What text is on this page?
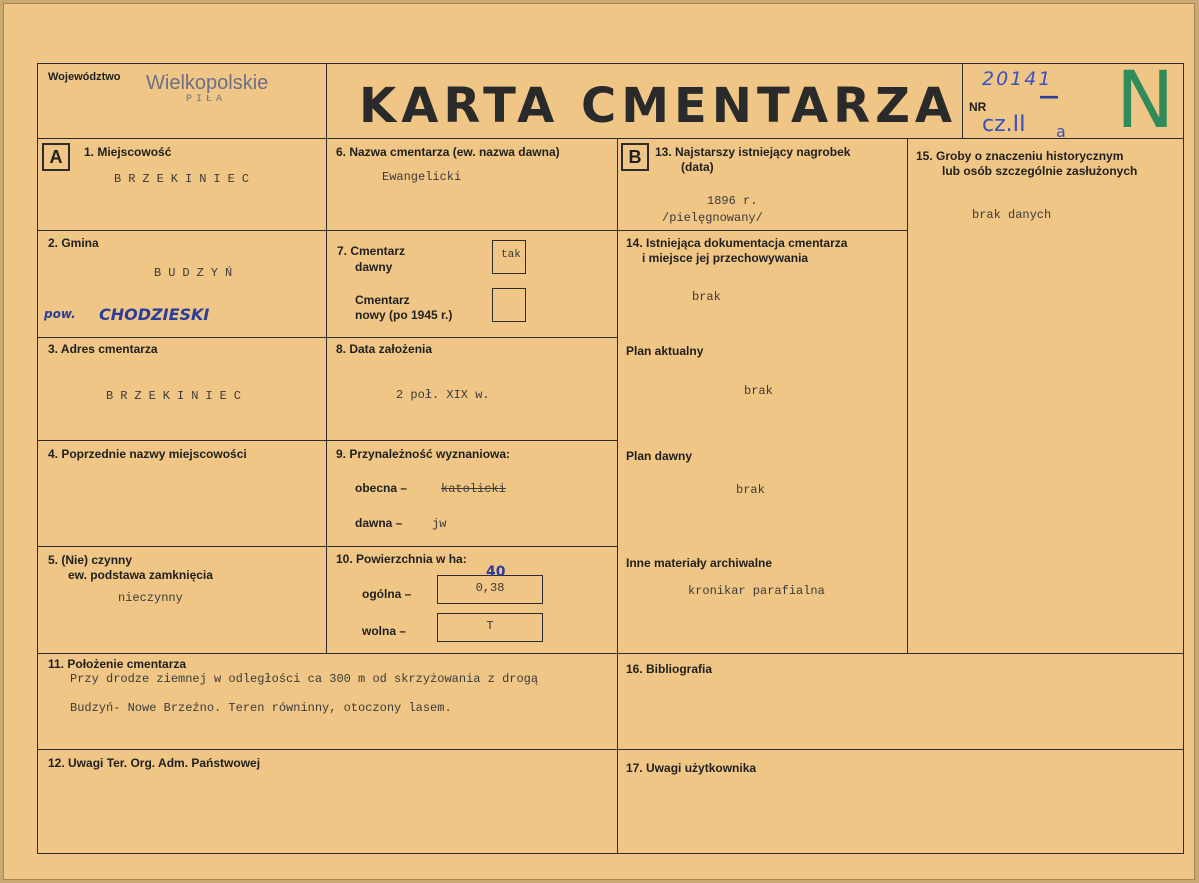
Województwo Wielkopolskie
PIŁA	KARTA CMENTARZA 20141
NR	—
cz.II a N
A	1. Miejscowość
BRZEKINIEC
2. Gmina
BUDZYŃ
pow. CHODZIESKI
3. Adres cmentarza
BRZEKINIEC
4. Poprzednie nazwy miejscowości
5. (Nie) czynny
ew. podstawa zamknięcia
nieczynny
6. Nazwa cmentarza (ew. nazwa dawna)
Ewangelicki
7. Cmentarz
dawny
tak
Cmentarz
nowy (po 1945 r.)
8. Data założenia
2 poł. XIX w.
9. Przynależność wyznaniowa:
obecna –	katolicki
dawna – jw
10. Powierzchnia w ha:
ogólna –	0,38
40
wolna –	T
B	13. Najstarszy istniejący nagrobek
(data)
1896 r.
/pielęgnowany/
14. Istniejąca dokumentacja cmentarza
i miejsce jej przechowywania
brak
Plan aktualny
brak
Plan dawny
brak
Inne materiały archiwalne
kronikar parafialna
15. Groby o znaczeniu historycznym
lub osób szczególnie zasłużonych
brak danych
11. Położenie cmentarza
Przy drodze ziemnej w odległości ca 300 m od skrzyżowania z drogą
Budzyń- Nowe Brzeźno. Teren równinny, otoczony lasem.
12. Uwagi Ter. Org. Adm. Państwowej
16. Bibliografia
17. Uwagi użytkownika
